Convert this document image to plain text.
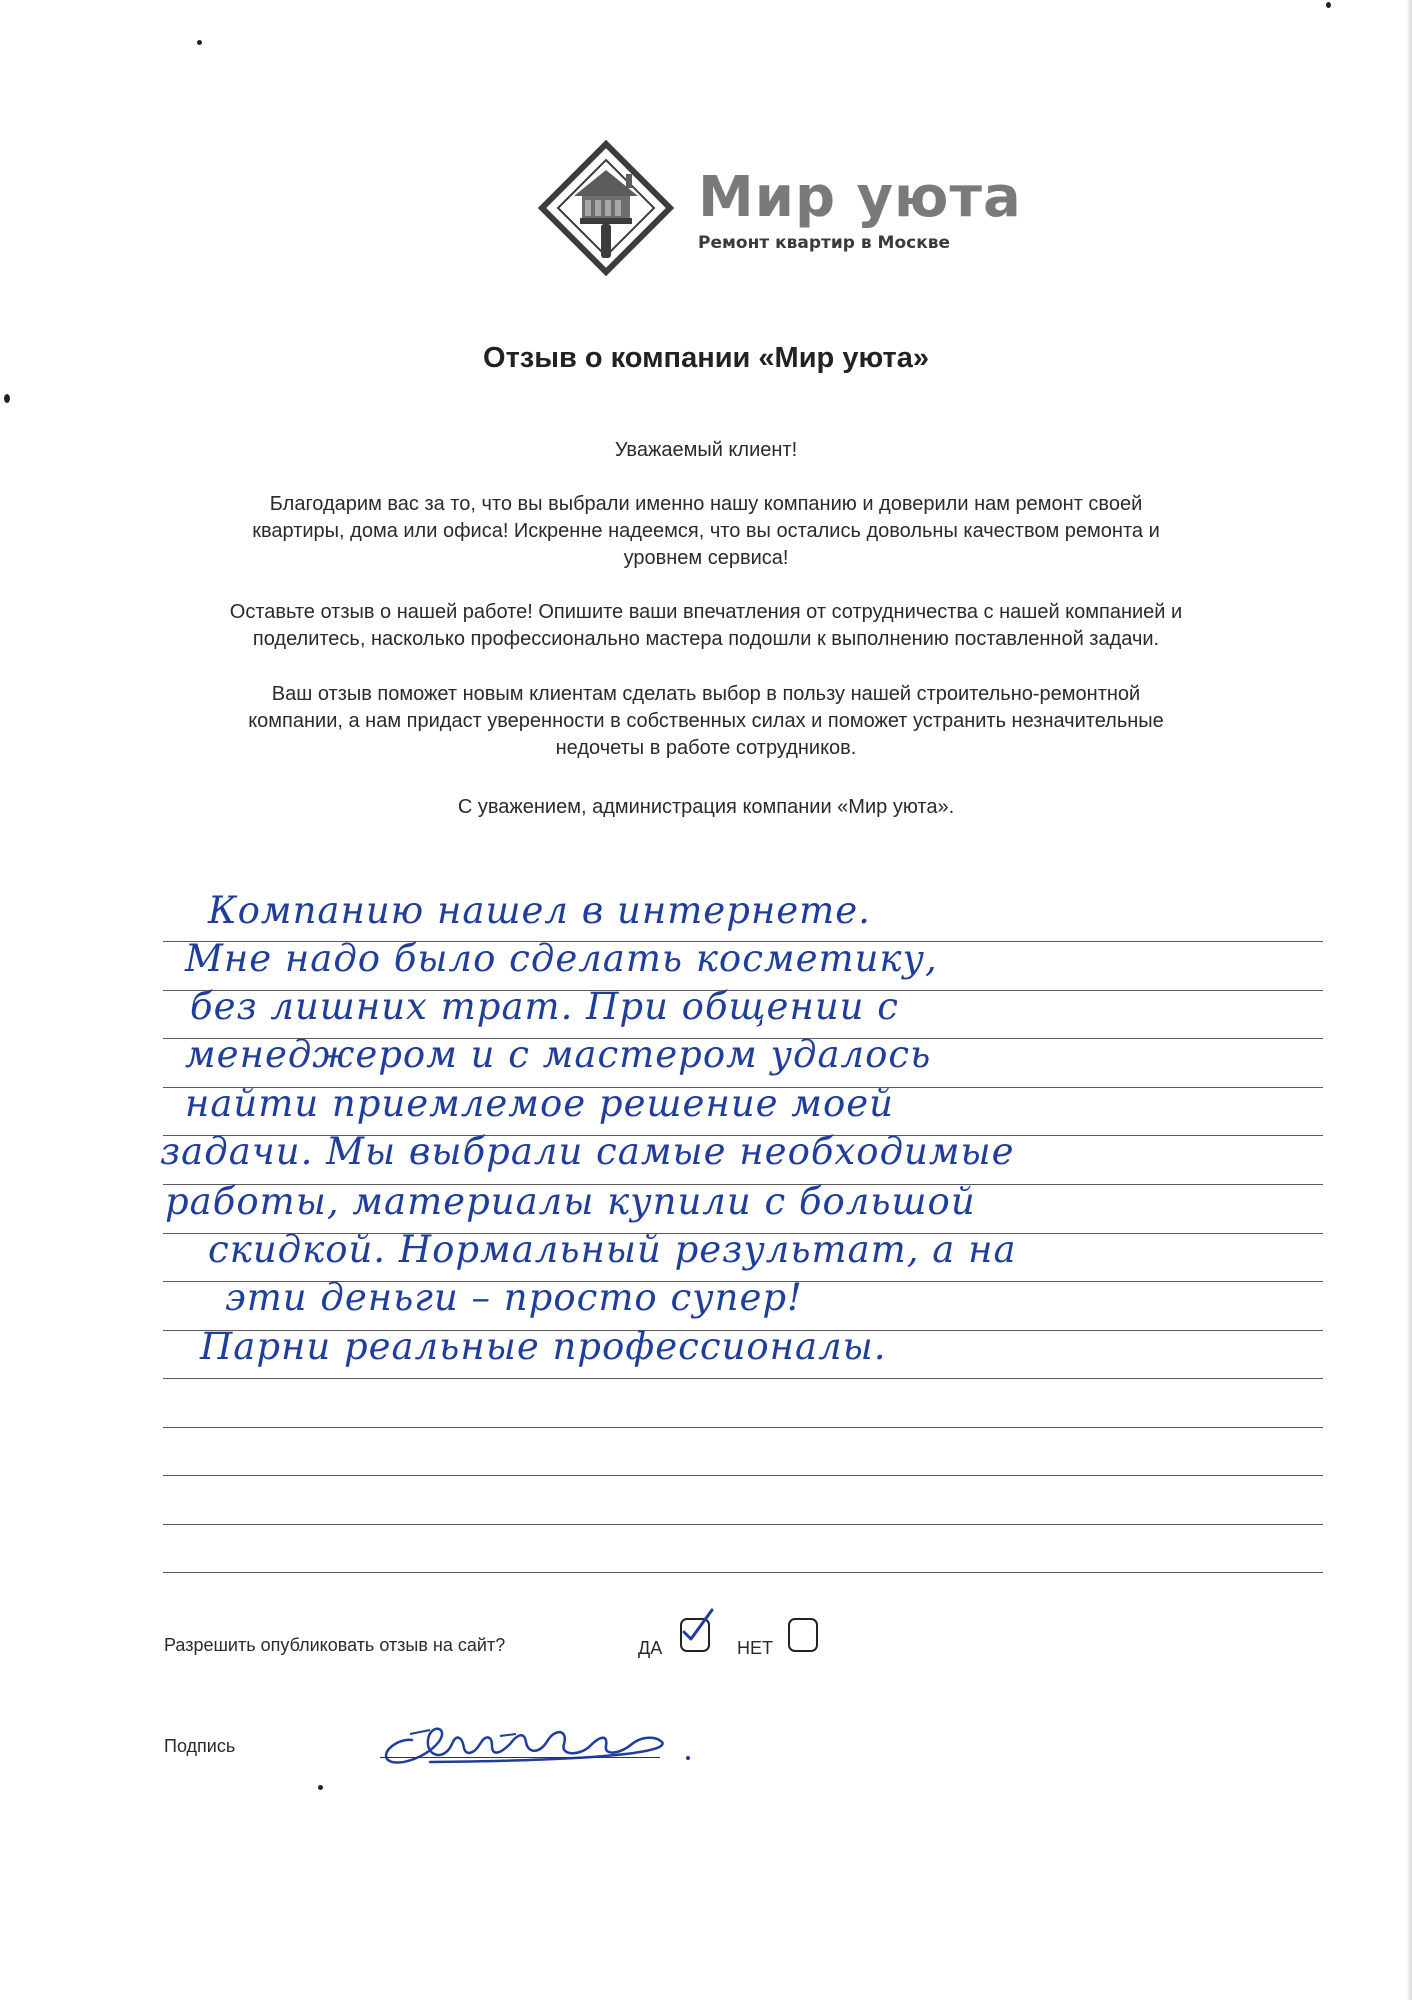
Мир уюта
Ремонт квартир в Москве
Отзыв о компании «Мир уюта»
Уважаемый клиент!
Благодарим вас за то, что вы выбрали именно нашу компанию и доверили нам ремонт своей
квартиры, дома или офиса! Искренне надеемся, что вы остались довольны качеством ремонта и
уровнем сервиса!
Оставьте отзыв о нашей работе! Опишите ваши впечатления от сотрудничества с нашей компанией и
поделитесь, насколько профессионально мастера подошли к выполнению поставленной задачи.
Ваш отзыв поможет новым клиентам сделать выбор в пользу нашей строительно-ремонтной
компании, а нам придаст уверенности в собственных силах и поможет устранить незначительные
недочеты в работе сотрудников.
С уважением, администрация компании «Мир уюта».
Компанию нашел в интернете.
Мне надо было сделать косметику,
без лишних трат. При общении с
менеджером и с мастером удалось
найти приемлемое решение моей
задачи. Мы выбрали самые необходимые
работы, материалы купили с большой
скидкой. Нормальный результат, а на
эти деньги – просто супер!
Парни реальные профессионалы.
Разрешить опубликовать отзыв на сайт?	ДА	НЕТ
Подпись
